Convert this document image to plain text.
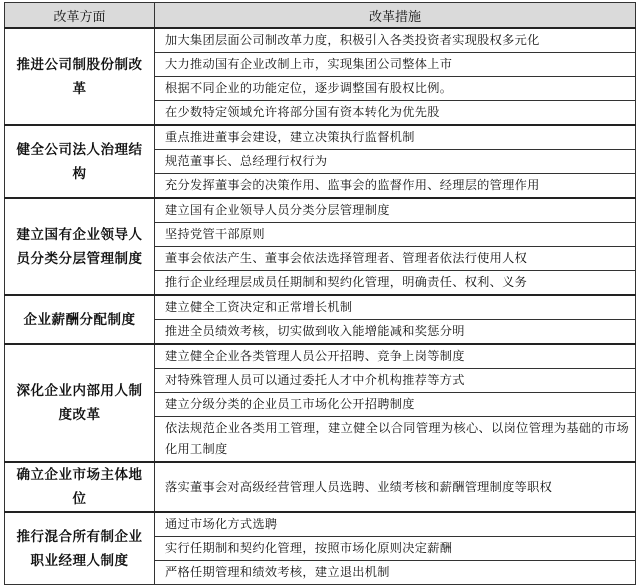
改革方面	改革措施
推进公司制股份制改革	加大集团层面公司制改革力度，积极引入各类投资者实现股权多元化
	大力推动国有企业改制上市，实现集团公司整体上市
	根据不同企业的功能定位，逐步调整国有股权比例。
	在少数特定领域允许将部分国有资本转化为优先股
健全公司法人治理结构	重点推进董事会建设，建立决策执行监督机制
	规范董事长、总经理行权行为
	充分发挥董事会的决策作用、监事会的监督作用、经理层的管理作用
建立国有企业领导人员分类分层管理制度	建立国有企业领导人员分类分层管理制度
	坚持党管干部原则
	董事会依法产生、董事会依法选择管理者、管理者依法行使用人权
	推行企业经理层成员任期制和契约化管理，明确责任、权利、义务
企业薪酬分配制度	建立健全工资决定和正常增长机制
	推进全员绩效考核，切实做到收入能增能减和奖惩分明
深化企业内部用人制度改革	建立健全企业各类管理人员公开招聘、竞争上岗等制度
	对特殊管理人员可以通过委托人才中介机构推荐等方式
	建立分级分类的企业员工市场化公开招聘制度
	依法规范企业各类用工管理，建立健全以合同管理为核心、以岗位管理为基础的市场化用工制度
确立企业市场主体地位	落实董事会对高级经营管理人员选聘、业绩考核和薪酬管理制度等职权
推行混合所有制企业职业经理人制度	通过市场化方式选聘
	实行任期制和契约化管理，按照市场化原则决定薪酬
	严格任期管理和绩效考核，建立退出机制
